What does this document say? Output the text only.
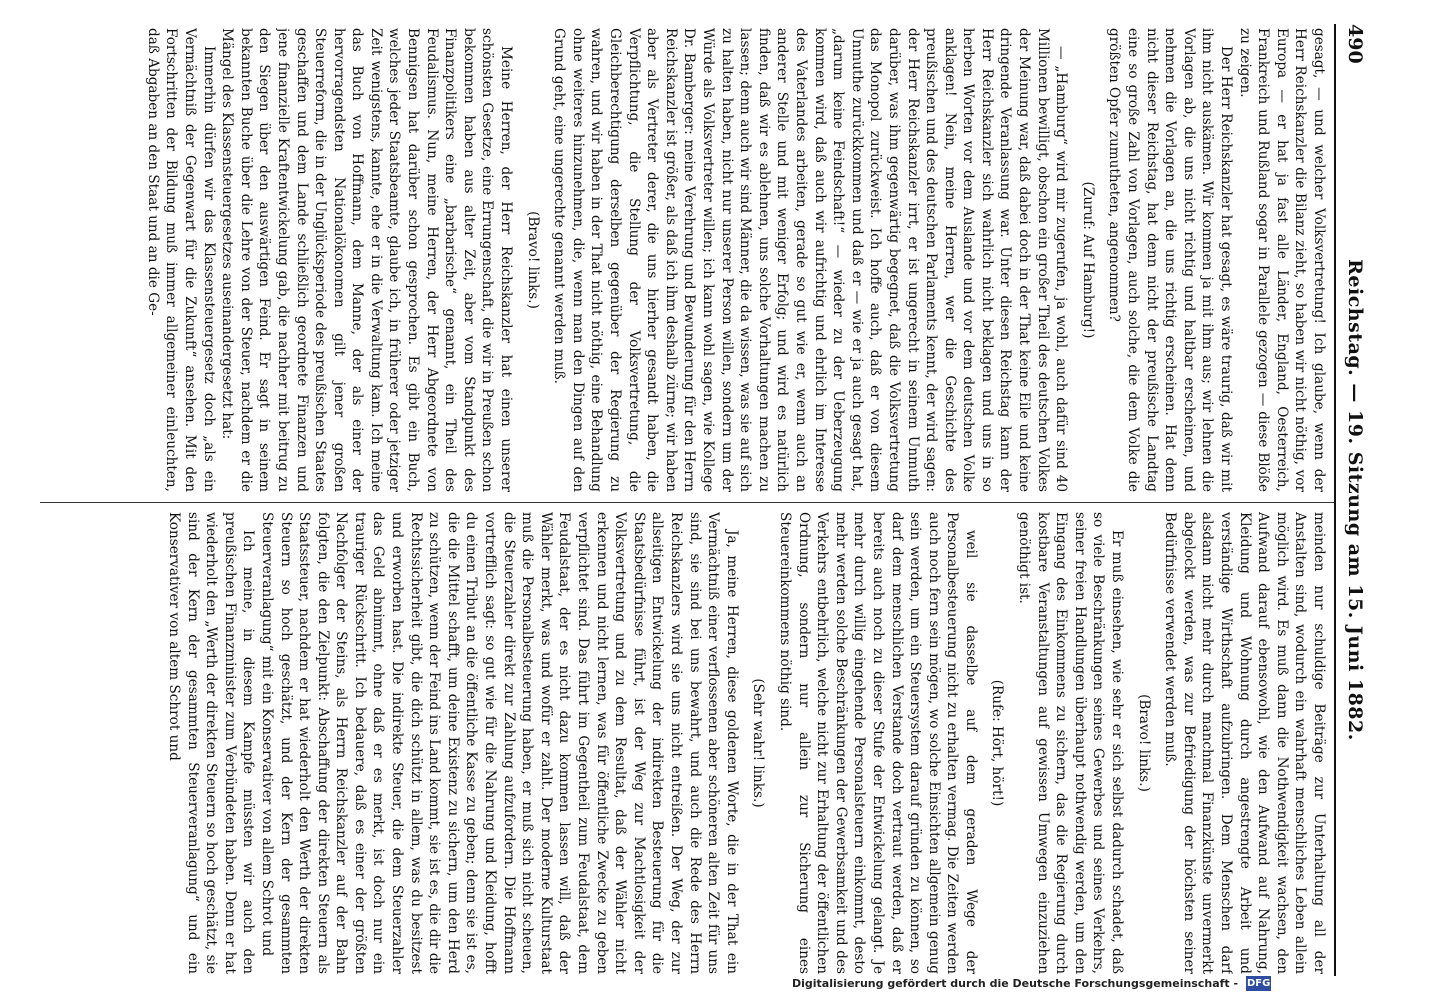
490
Reichstag. — 19. Sitzung am 15. Juni 1882.

gesagt, — und welcher Volksvertretung! Ich glaube, wenn der Herr Reichskanzler die Bilanz zieht, so haben wir nicht nöthig, vor Europa — er hat ja fast alle Länder, England, Oesterreich, Frankreich und Rußland sogar in Parallele gezogen — diese Blöße zu zeigen.

Der Herr Reichskanzler hat gesagt, es wäre traurig, daß wir mit ihm nicht auskämen. Wir kommen ja mit ihm aus; wir lehnen die Vorlagen ab, die uns nicht richtig und haltbar erscheinen, und nehmen die Vorlagen an, die uns richtig erscheinen. Hat denn nicht dieser Reichstag, hat denn nicht der preußische Landtag eine so große Zahl von Vorlagen, auch solche, die dem Volke die größten Opfer zumutheten, angenommen?

(Zuruf: Auf Hamburg!)

— „Hamburg“ wird mir zugerufen, ja wohl, auch dafür sind 40 Millionen bewilligt, obschon ein großer Theil des deutschen Volkes der Meinung war, daß dabei doch in der That keine Eile und keine dringende Veranlassung war. Unter diesen Reichstag kann der Herr Reichskanzler sich wahrlich nicht beklagen und uns in so herben Worten vor dem Auslande und vor dem deutschen Volke anklagen! Nein, meine Herren, wer die Geschichte des preußischen und des deutschen Parlaments kennt, der wird sagen: der Herr Reichskanzler irrt, er ist ungerecht in seinem Unmuth darüber, was ihm gegenwärtig begegnet, daß die Volksvertretung das Monopol zurückweist. Ich hoffe auch, daß er von diesem Unmuthe zurückkommen und daß er — wie er ja auch gesagt hat, „darum keine Feindschaft!“ — wieder zu der Ueberzeugung kommen wird, daß auch wir aufrichtig und ehrlich im Interesse des Vaterlandes arbeiten, gerade so gut wie er, wenn auch an anderer Stelle und mit weniger Erfolg; und wird es natürlich finden, daß wir es ablehnen, uns solche Vorhaltungen machen zu lassen; denn auch wir sind Männer, die da wissen, was sie auf sich zu halten haben, nicht nur unserer Person willen, sondern um der Würde als Volksvertreter willen; ich kann wohl sagen, wie Kollege Dr. Bamberger: meine Verehrung und Bewunderung für den Herrn Reichskanzler ist größer, als daß ich ihm deshalb zürne; wir haben aber als Vertreter derer, die uns hierher gesandt haben, die Verpflichtung, die Stellung der Volksvertretung, die Gleichberechtigung derselben gegenüber der Regierung zu wahren, und wir haben in der That nicht nöthig, eine Behandlung ohne weiteres hinzunehmen, die, wenn man den Dingen auf den Grund geht, eine ungerechte genannt werden muß.

(Bravo! links.)

Meine Herren, der Herr Reichskanzler hat einen unserer schönsten Gesetze, eine Errungenschaft, die wir in Preußen schon bekommen haben aus alter Zeit, aber vom Standpunkt des Finanzpolitikers eine „barbarische“ genannt, ein Theil des Feudalismus. Nun, meine Herren, der Herr Abgeordnete von Bennigsen hat darüber schon gesprochen. Es gibt ein Buch, welches jeder Staatsbeamte, glaube ich, in früherer oder jetziger Zeit wenigstens, kannte, ehe er in die Verwaltung kam. Ich meine das Buch von Hoffmann, dem Manne, der als einer der hervorragendsten Nationalökonomen gilt jener großen Steuerreform, die in der Unglücksperiode des preußischen Staates geschaffen und dem Lande schließlich geordnete Finanzen und jene finanzielle Kraftentwickelung gab, die nachher mit beitrug zu den Siegen über den auswärtigen Feind. Er sagt in seinem bekannten Buche über die Lehre von der Steuer, nachdem er die Mängel des Klassensteuergesetzes auseinandergesetzt hat:

Immerhin dürfen wir das Klassensteuergesetz doch „als ein Vermächtniß der Gegenwart für die Zukunft“ ansehen. Mit den Fortschritten der Bildung muß immer allgemeiner einleuchten, daß Abgaben an den Staat und an die Ge-

meinden nur schuldige Beiträge zur Unterhaltung all der Anstalten sind, wodurch ein wahrhaft menschliches Leben allein möglich wird. Es muß dann die Nothwendigkeit wachsen, den Aufwand darauf ebensowohl, wie den Aufwand auf Nahrung, Kleidung und Wohnung durch angestrengte Arbeit und verständige Wirthschaft aufzubringen. Dem Menschen darf alsdann nicht mehr durch manchmal Finanzkünste unvermerkt abgelockt werden, was zur Befriedigung der höchsten seiner Bedürfnisse verwendet werden muß.

(Bravo! links.)

Er muß einsehen, wie sehr er sich selbst dadurch schadet, daß so viele Beschränkungen seines Gewerbes und seines Verkehrs, seiner freien Handlungen überhaupt nothwendig werden, um den Eingang des Einkommens zu sichern, das die Regierung durch kostbare Veranstaltungen auf gewissen Umwegen einzuziehen genöthigt ist.

(Rufe: Hört, hört!)

weil sie dasselbe auf dem geraden Wege der Personalbesteuerung nicht zu erhalten vermag. Die Zeiten werden auch noch fern sein mögen, wo solche Einsichten allgemein genug sein werden, um ein Steuersystem darauf gründen zu können, so darf dem menschlichen Verstande doch vertraut werden, daß er bereits auch noch zu dieser Stufe der Entwickelung gelangt. Je mehr durch willig eingehende Personalsteuern einkommt, desto mehr werden solche Beschränkungen der Gewerbsamkeit und des Verkehrs entbehrlich, welche nicht zur Erhaltung der öffentlichen Ordnung, sondern nur allein zur Sicherung eines Steuereinkommens nöthig sind.

(Sehr wahr! links.)

Ja, meine Herren, diese goldenen Worte, die in der That ein Vermächtniß einer verflossenen aber schöneren alten Zeit für uns sind, sie sind bei uns bewahrt, und auch die Rede des Herrn Reichskanzlers wird sie uns nicht entreißen. Der Weg, der zur allseitigen Entwickelung der indirekten Besteuerung für die Staatsbedürfnisse führt, ist der Weg zur Machtlosigkeit der Volksvertretung und zu dem Resultat, daß der Wähler nicht erkennen und nicht lernen, was für öffentliche Zwecke zu geben verpflichtet sind. Das führt im Gegentheil zum Feudalstaat, dem Feudalstaat, der es nicht dazu kommen lassen will, daß der Wähler merkt, was und wofür er zahlt. Der moderne Kulturstaat muß die Personalbesteuerung haben, er muß sich nicht scheuen, die Steuerzahler direkt zur Zahlung aufzufordern. Die Hoffmann vortrefflich sagt: so gut wie für die Nahrung und Kleidung, hofft du einen Tribut an die öffentliche Kasse zu geben; denn sie ist es, die die Mittel schafft, um deine Existenz zu sichern, um den Herd zu schützen, wenn der Feind ins Land kommt, sie ist es, die dir die Rechtssicherheit gibt, die dich schützt in allem, was du besitzest und erworben hast. Die indirekte Steuer, die dem Steuerzahler das Geld abnimmt, ohne daß er es merkt, ist doch nur ein trauriger Rückschritt. Ich bedauere, daß es einer der größten Nachfolger der Steins, als Herrn Reichskanzler auf der Bahn folgten, die den Zielpunkt: Abschaffung der direkten Steuern als Staatssteuer, nachdem er hat wiederholt den Werth der direkten Steuern so hoch geschätzt, und der Kern der gesammten Steuerveranlagung“ mit ein Konservativer von allem Schrot und

Ich meine, in diesem Kampfe müssten wir auch den preußischen Finanzminister zum Verbündeten haben. Denn er hat wiederholt den „Werth der direkten Steuern so hoch geschätzt, sie sind der Kern der gesammten Steuerveranlagung“ und ein Konservativer von altem Schrot und

Digitalisierung gefördert durch die Deutsche Forschungsgemeinschaft - DFG
